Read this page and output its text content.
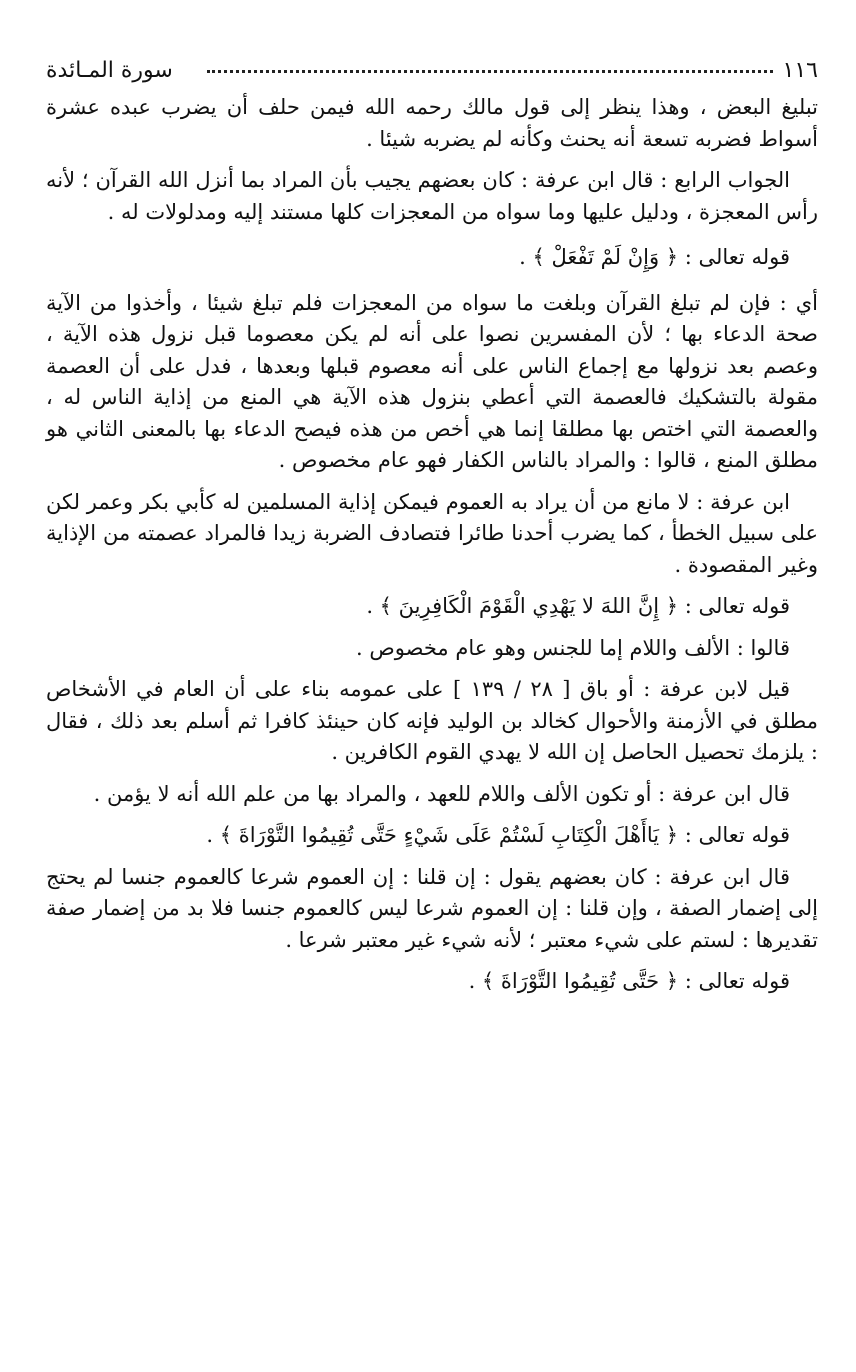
١١٦
سورة المـائدة

تبليغ البعض ، وهذا ينظر إلى قول مالك رحمه الله فيمن حلف أن يضرب عبده عشرة أسواط فضربه تسعة أنه يحنث وكأنه لم يضربه شيئا .

الجواب الرابع : قال ابن عرفة : كان بعضهم يجيب بأن المراد بما أنزل الله القرآن ؛ لأنه رأس المعجزة ، ودليل عليها وما سواه من المعجزات كلها مستند إليه ومدلولات له .

قوله تعالى : ﴿ وَإِنْ لَمْ تَفْعَلْ ﴾ .

أي : فإن لم تبلغ القرآن وبلغت ما سواه من المعجزات فلم تبلغ شيئا ، وأخذوا من الآية صحة الدعاء بها ؛ لأن المفسرين نصوا على أنه لم يكن معصوما قبل نزول هذه الآية ، وعصم بعد نزولها مع إجماع الناس على أنه معصوم قبلها وبعدها ، فدل على أن العصمة مقولة بالتشكيك فالعصمة التي أعطي بنزول هذه الآية هي المنع من إذاية الناس له ، والعصمة التي اختص بها مطلقا إنما هي أخص من هذه فيصح الدعاء بها بالمعنى الثاني هو مطلق المنع ، قالوا : والمراد بالناس الكفار فهو عام مخصوص .

ابن عرفة : لا مانع من أن يراد به العموم فيمكن إذاية المسلمين له كأبي بكر وعمر لكن على سبيل الخطأ ، كما يضرب أحدنا طائرا فتصادف الضربة زيدا فالمراد عصمته من الإذاية وغير المقصودة .

قوله تعالى : ﴿ إِنَّ اللهَ لا يَهْدِي الْقَوْمَ الْكَافِرِينَ ﴾ .

قالوا : الألف واللام إما للجنس وهو عام مخصوص .

قيل لابن عرفة : أو باق [ ٢٨ / ١٣٩ ] على عمومه بناء على أن العام في الأشخاص مطلق في الأزمنة والأحوال كخالد بن الوليد فإنه كان حينئذ كافرا ثم أسلم بعد ذلك ، فقال : يلزمك تحصيل الحاصل إن الله لا يهدي القوم الكافرين .

قال ابن عرفة : أو تكون الألف واللام للعهد ، والمراد بها من علم الله أنه لا يؤمن .

قوله تعالى : ﴿ يَاأَهْلَ الْكِتَابِ لَسْتُمْ عَلَى شَيْءٍ حَتَّى تُقِيمُوا التَّوْرَاةَ ﴾ .

قال ابن عرفة : كان بعضهم يقول : إن قلنا : إن العموم شرعا كالعموم جنسا لم يحتج إلى إضمار الصفة ، وإن قلنا : إن العموم شرعا ليس كالعموم جنسا فلا بد من إضمار صفة تقديرها : لستم على شيء معتبر ؛ لأنه شيء غير معتبر شرعا .

قوله تعالى : ﴿ حَتَّى تُقِيمُوا التَّوْرَاةَ ﴾ .
